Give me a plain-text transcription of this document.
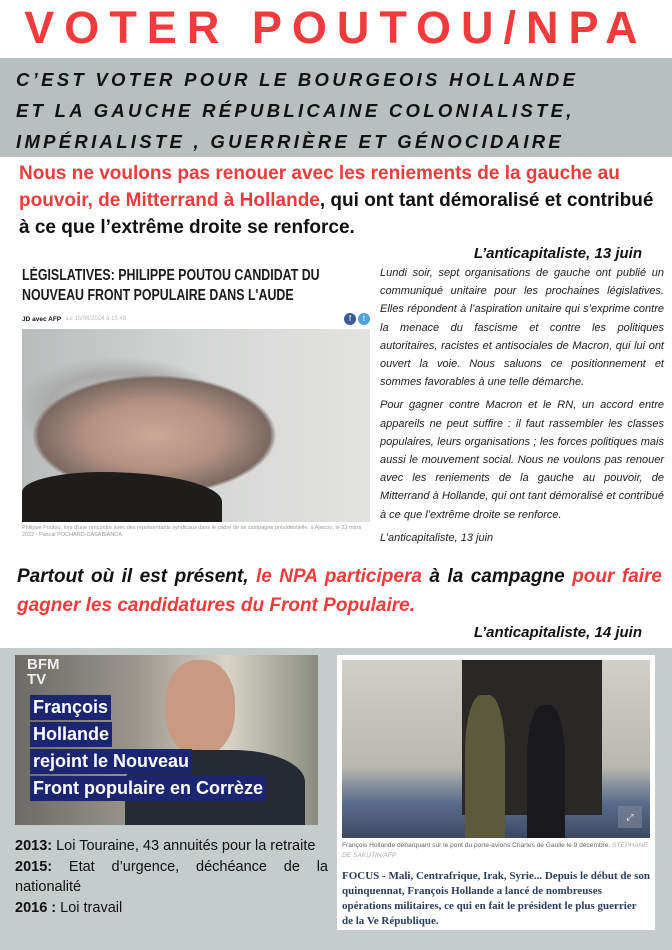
VOTER POUTOU/NPA
C’EST VOTER POUR LE BOURGEOIS HOLLANDE
ET LA GAUCHE RÉPUBLICAINE COLONIALISTE,
IMPÉRIALISTE , GUERRIÈRE ET GÉNOCIDAIRE
Nous ne voulons pas renouer avec les reniements de la gauche au pouvoir, de Mitterrand à Hollande, qui ont tant démoralisé et contribué à ce que l’extrême droite se renforce.
L’anticapitaliste, 13 juin
LÉGISLATIVES: PHILIPPE POUTOU CANDIDAT DU NOUVEAU FRONT POPULAIRE DANS L'AUDE
JD avec AFP Le 15/06/2024 à 15:48	f	t
Philippe Poutou, lors d'une rencontre avec des représentants syndicaux dans le cadre de sa campagne présidentielle, à Ajaccio, le 23 mars 2022 - Pascal POCHARD-CASABIANCA

Lundi soir, sept organisations de gauche ont publié un communiqué unitaire pour les prochaines législatives. Elles répondent à l’aspiration unitaire qui s’exprime contre la menace du fascisme et contre les politiques autoritaires, racistes et antisociales de Macron, qui lui ont ouvert la voie. Nous saluons ce positionnement et sommes favorables à une telle démarche.

Pour gagner contre Macron et le RN, un accord entre appareils ne peut suffire : il faut rassembler les classes populaires, leurs organisations ; les forces politiques mais aussi le mouvement social. Nous ne voulons pas renouer avec les reniements de la gauche au pouvoir, de Mitterrand à Hollande, qui ont tant démoralisé et contribué à ce que l’extrême droite se renforce.

L’anticapitaliste, 13 juin

Partout où il est présent, le NPA participera à la campagne pour faire gagner les candidatures du Front Populaire.
L’anticapitaliste, 14 juin
BFM
TV
François
Hollande
rejoint le Nouveau
Front populaire en Corrèze
2013: Loi Touraine, 43 annuités pour la retraite
2015: Etat d’urgence, déchéance de la nationalité
2016 : Loi travail
⤢
François Hollande débarquant sur le pont du porte-avions Charles de Gaulle le 9 décembre. STEPHANE DE SAKUTIN/AFP
FOCUS - Mali, Centrafrique, Irak, Syrie... Depuis le début de son quinquennat, François Hollande a lancé de nombreuses opérations militaires, ce qui en fait le président le plus guerrier de la Ve République.
